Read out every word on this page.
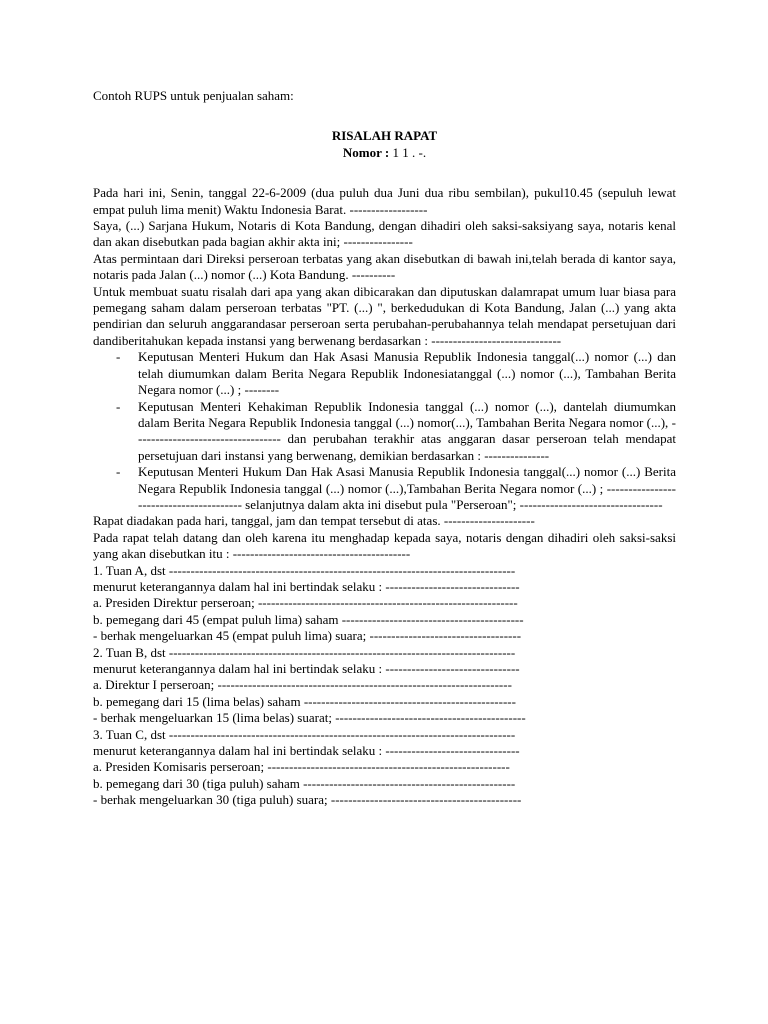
Contoh RUPS untuk penjualan saham:

RISALAH RAPAT

Nomor : 1 1 . -.

Pada hari ini, Senin, tanggal 22-6-2009 (dua puluh dua Juni dua ribu sembilan), pukul10.45 (sepuluh lewat empat puluh lima menit) Waktu Indonesia Barat. ------------------

Saya, (...) Sarjana Hukum, Notaris di Kota Bandung, dengan dihadiri oleh saksi-saksiyang saya, notaris kenal dan akan disebutkan pada bagian akhir akta ini; ----------------

Atas permintaan dari Direksi perseroan terbatas yang akan disebutkan di bawah ini,telah berada di kantor saya, notaris pada Jalan (...) nomor (...) Kota Bandung. ----------

Untuk membuat suatu risalah dari apa yang akan dibicarakan dan diputuskan dalamrapat umum luar biasa para pemegang saham dalam perseroan terbatas "PT. (...) ", berkedudukan di Kota Bandung, Jalan (...) yang akta pendirian dan seluruh anggarandasar perseroan serta perubahan-perubahannya telah mendapat persetujuan dari dandiberitahukan kepada instansi yang berwenang berdasarkan : ------------------------------

- Keputusan Menteri Hukum dan Hak Asasi Manusia Republik Indonesia tanggal(...) nomor (...) dan telah diumumkan dalam Berita Negara Republik Indonesiatanggal (...) nomor (...), Tambahan Berita Negara nomor (...) ; --------
- Keputusan Menteri Kehakiman Republik Indonesia tanggal (...) nomor (...), dantelah diumumkan dalam Berita Negara Republik Indonesia tanggal (...) nomor(...), Tambahan Berita Negara nomor (...), ---------------------------------- dan perubahan terakhir atas anggaran dasar perseroan telah mendapat persetujuan dari instansi yang berwenang, demikian berdasarkan : ---------------
- Keputusan Menteri Hukum Dan Hak Asasi Manusia Republik Indonesia tanggal(...) nomor (...) Berita Negara Republik Indonesia tanggal (...) nomor (...),Tambahan Berita Negara nomor (...) ; ---------------------------------------- selanjutnya dalam akta ini disebut pula "Perseroan"; ---------------------------------

Rapat diadakan pada hari, tanggal, jam dan tempat tersebut di atas. ---------------------

Pada rapat telah datang dan oleh karena itu menghadap kepada saya, notaris dengan dihadiri oleh saksi-saksi yang akan disebutkan itu : -----------------------------------------

1. Tuan A, dst --------------------------------------------------------------------------------
menurut keterangannya dalam hal ini bertindak selaku : -------------------------------
a. Presiden Direktur perseroan; ------------------------------------------------------------
b. pemegang dari 45 (empat puluh lima) saham ------------------------------------------
- berhak mengeluarkan 45 (empat puluh lima) suara; -----------------------------------
2. Tuan B, dst --------------------------------------------------------------------------------
menurut keterangannya dalam hal ini bertindak selaku : -------------------------------
a. Direktur I perseroan; --------------------------------------------------------------------
b. pemegang dari 15 (lima belas) saham -------------------------------------------------
- berhak mengeluarkan 15 (lima belas) suarat; --------------------------------------------
3. Tuan C, dst --------------------------------------------------------------------------------
menurut keterangannya dalam hal ini bertindak selaku : -------------------------------
a. Presiden Komisaris perseroan; --------------------------------------------------------
b. pemegang dari 30 (tiga puluh) saham -------------------------------------------------
- berhak mengeluarkan 30 (tiga puluh) suara; --------------------------------------------
